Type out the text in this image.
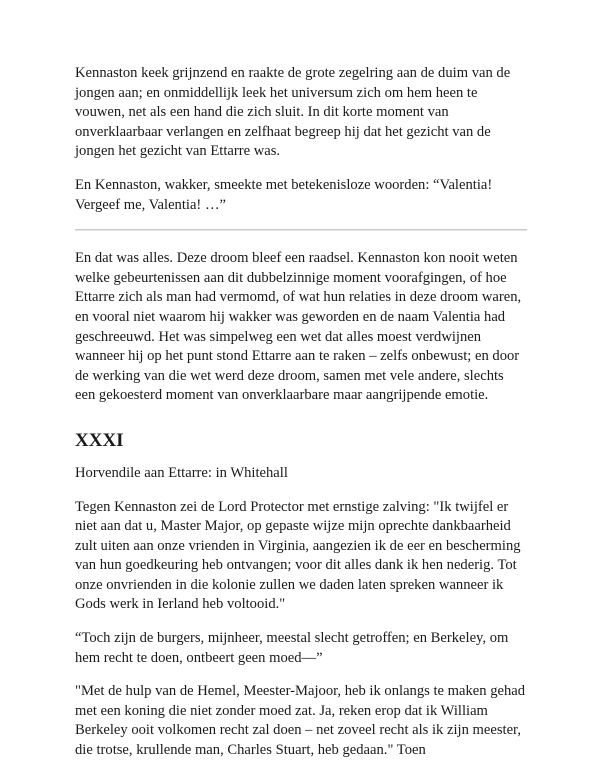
Kennaston keek grijnzend en raakte de grote zegelring aan de duim van de jongen aan; en onmiddellijk leek het universum zich om hem heen te vouwen, net als een hand die zich sluit. In dit korte moment van onverklaarbaar verlangen en zelfhaat begreep hij dat het gezicht van de jongen het gezicht van Ettarre was.

En Kennaston, wakker, smeekte met betekenisloze woorden: “Valentia! Vergeef me, Valentia! …”

En dat was alles. Deze droom bleef een raadsel. Kennaston kon nooit weten welke gebeurtenissen aan dit dubbelzinnige moment voorafgingen, of hoe Ettarre zich als man had vermomd, of wat hun relaties in deze droom waren, en vooral niet waarom hij wakker was geworden en de naam Valentia had geschreeuwd. Het was simpelweg een wet dat alles moest verdwijnen wanneer hij op het punt stond Ettarre aan te raken – zelfs onbewust; en door de werking van die wet werd deze droom, samen met vele andere, slechts een gekoesterd moment van onverklaarbare maar aangrijpende emotie.

XXXI

Horvendile aan Ettarre: in Whitehall

Tegen Kennaston zei de Lord Protector met ernstige zalving: "Ik twijfel er niet aan dat u, Master Major, op gepaste wijze mijn oprechte dankbaarheid zult uiten aan onze vrienden in Virginia, aangezien ik de eer en bescherming van hun goedkeuring heb ontvangen; voor dit alles dank ik hen nederig. Tot onze onvrienden in die kolonie zullen we daden laten spreken wanneer ik Gods werk in Ierland heb voltooid."

“Toch zijn de burgers, mijnheer, meestal slecht getroffen; en Berkeley, om hem recht te doen, ontbeert geen moed—”

"Met de hulp van de Hemel, Meester-Majoor, heb ik onlangs te maken gehad met een koning die niet zonder moed zat. Ja, reken erop dat ik William Berkeley ooit volkomen recht zal doen – net zoveel recht als ik zijn meester, die trotse, krullende man, Charles Stuart, heb gedaan." Toen
